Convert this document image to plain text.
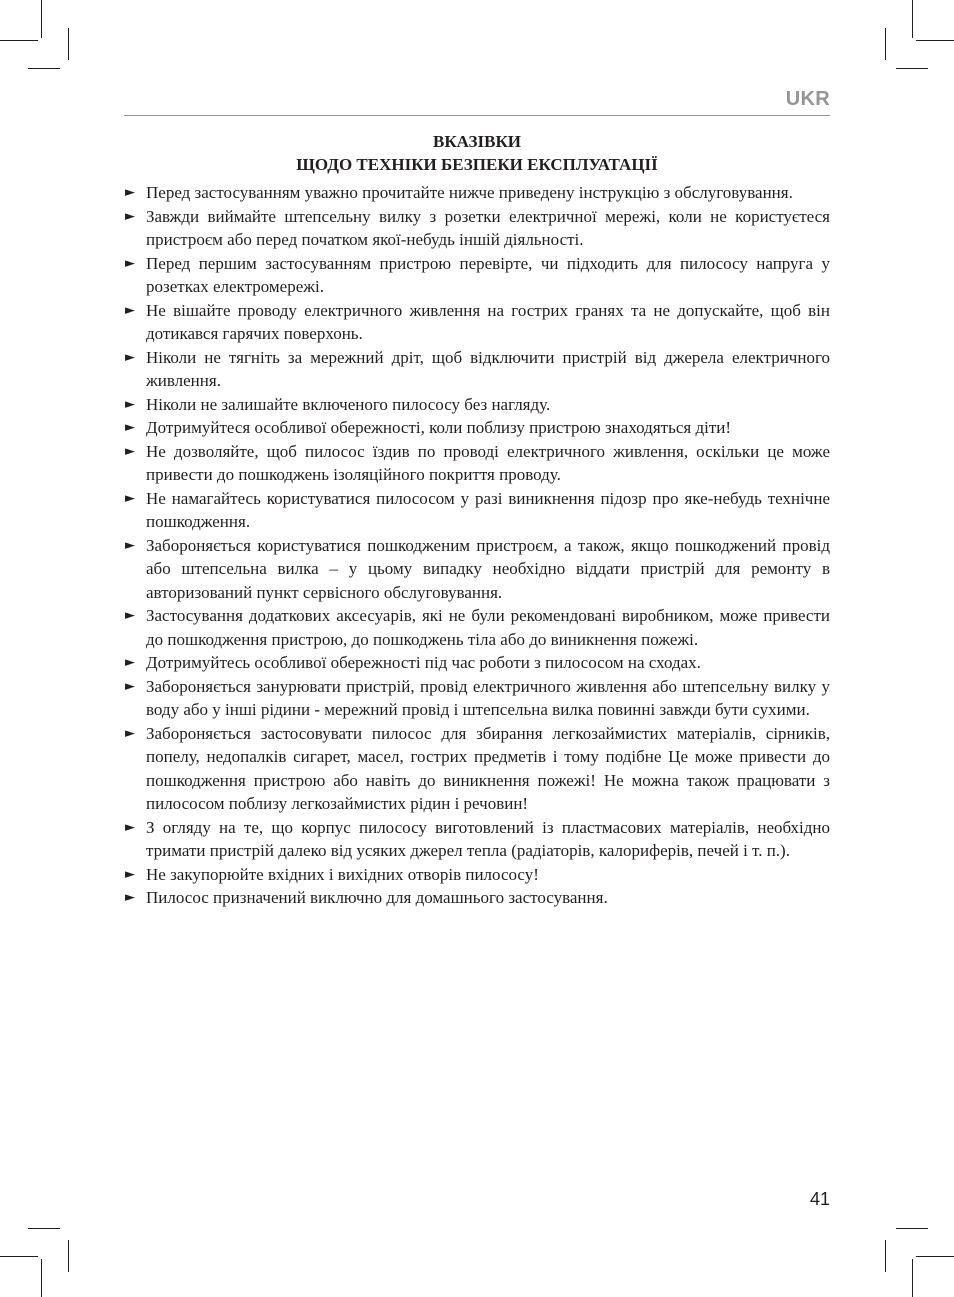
UKR
ВКАЗІВКИ
ЩОДО ТЕХНІКИ БЕЗПЕКИ ЕКСПЛУАТАЦІЇ
► Перед застосуванням уважно прочитайте нижче приведену інструкцію з обслуговування.
► Завжди виймайте штепсельну вилку з розетки електричної мережі, коли не користуєтеся пристроєм або перед початком якої-небудь іншій діяльності.
► Перед першим застосуванням пристрою перевірте, чи підходить для пилососу напруга у розетках електромережі.
► Не вішайте проводу електричного живлення на гострих гранях та не допускайте, щоб він дотикався гарячих поверхонь.
► Ніколи не тягніть за мережний дріт, щоб відключити пристрій від джерела електричного живлення.
► Ніколи не залишайте включеного пилососу без нагляду.
► Дотримуйтеся особливої обережності, коли поблизу пристрою знаходяться діти!
► Не дозволяйте, щоб пилосос їздив по проводі електричного живлення, оскільки це може привести до пошкоджень ізоляційного покриття проводу.
► Не намагайтесь користуватися пилососом у разі виникнення підозр про яке-небудь технічне пошкодження.
► Забороняється користуватися пошкодженим пристроєм, а також, якщо пошкоджений провід або штепсельна вилка – у цьому випадку необхідно віддати пристрій для ремонту в авторизований пункт сервісного обслуговування.
► Застосування додаткових аксесуарів, які не були рекомендовані виробником, може привести до пошкодження пристрою, до пошкоджень тіла або до виникнення пожежі.
► Дотримуйтесь особливої обережності під час роботи з пилососом на сходах.
► Забороняється занурювати пристрій, провід електричного живлення або штепсельну вилку у воду або у інші рідини - мережний провід і штепсельна вилка повинні завжди бути сухими.
► Забороняється застосовувати пилосос для збирання легкозаймистих матеріалів, сірників, попелу, недопалків сигарет, масел, гострих предметів і тому подібне Це може привести до пошкодження пристрою або навіть до виникнення пожежі! Не можна також працювати з пилососом поблизу легкозаймистих рідин і речовин!
► З огляду на те, що корпус пилососу виготовлений із пластмасових матеріалів, необхідно тримати пристрій далеко від усяких джерел тепла (радіаторів, калориферів, печей і т. п.).
► Не закупорюйте вхідних і вихідних отворів пилососу!
► Пилосос призначений виключно для домашнього застосування.
41
